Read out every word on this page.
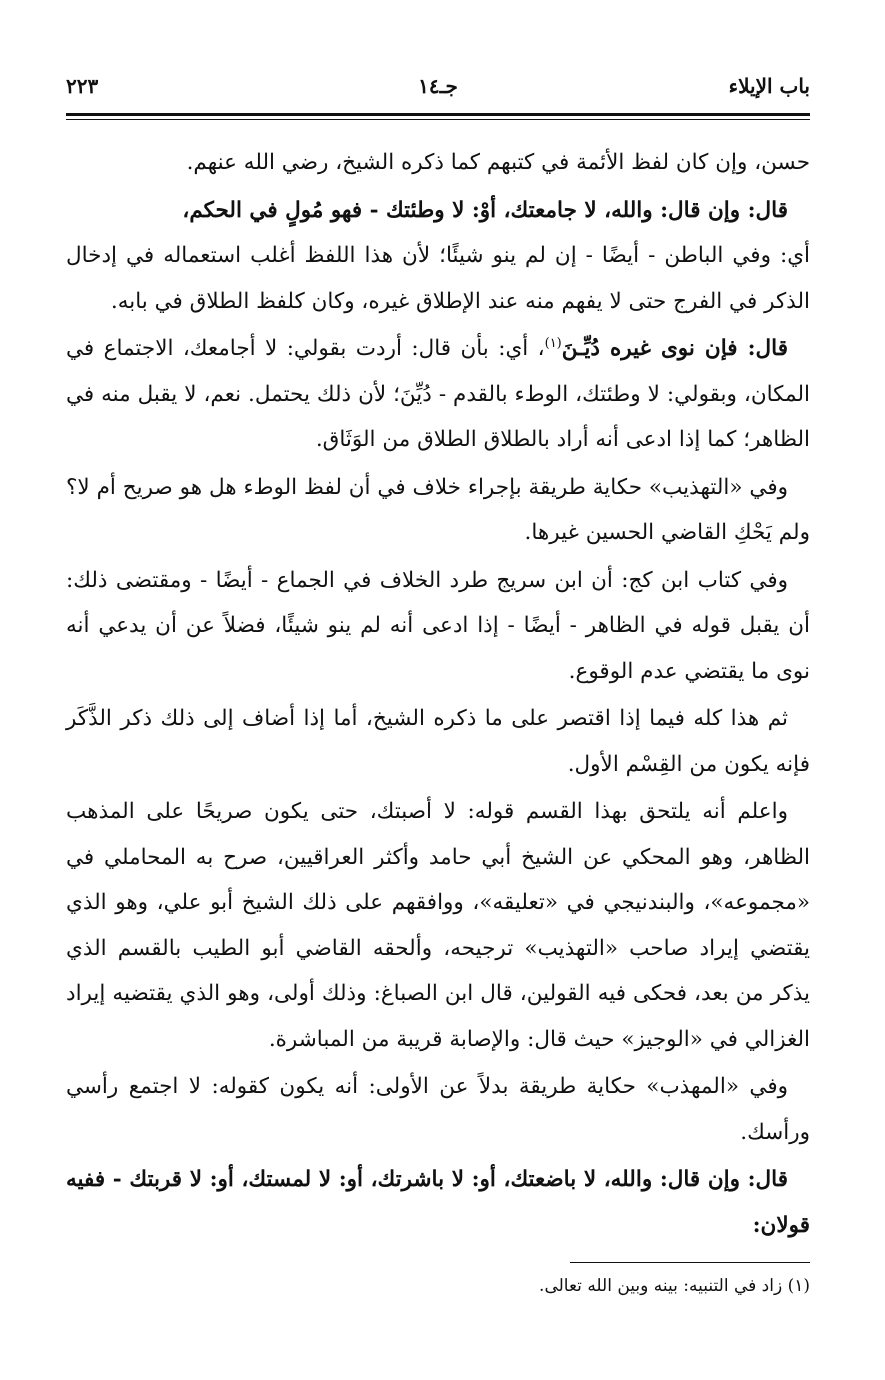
باب الإيلاء
جـ١٤
٢٢٣

حسن، وإن كان لفظ الأئمة في كتبهم كما ذكره الشيخ، رضي الله عنهم.

قال: وإن قال: والله، لا جامعتك، أوْ: لا وطئتك - فهو مُولٍ في الحكم،
أي: وفي الباطن - أيضًا - إن لم ينو شيئًا؛ لأن هذا اللفظ أغلب استعماله في إدخال الذكر في الفرج حتى لا يفهم منه عند الإطلاق غيره، وكان كلفظ الطلاق في بابه.

قال: فإن نوى غيره دُيِّـنَ$^{(١)}$، أي: بأن قال: أردت بقولي: لا أجامعك، الاجتماع في المكان، وبقولي: لا وطئتك، الوطء بالقدم - دُيِّنَ؛ لأن ذلك يحتمل. نعم، لا يقبل منه في الظاهر؛ كما إذا ادعى أنه أراد بالطلاق الطلاق من الوَثَاق.

وفي «التهذيب» حكاية طريقة بإجراء خلاف في أن لفظ الوطء هل هو صريح أم لا؟ ولم يَحْكِ القاضي الحسين غيرها.

وفي كتاب ابن كج: أن ابن سريج طرد الخلاف في الجماع - أيضًا - ومقتضى ذلك: أن يقبل قوله في الظاهر - أيضًا - إذا ادعى أنه لم ينو شيئًا، فضلاً عن أن يدعي أنه نوى ما يقتضي عدم الوقوع.

ثم هذا كله فيما إذا اقتصر على ما ذكره الشيخ، أما إذا أضاف إلى ذلك ذكر الذَّكَر فإنه يكون من القِسْم الأول.

واعلم أنه يلتحق بهذا القسم قوله: لا أصبتك، حتى يكون صريحًا على المذهب الظاهر، وهو المحكي عن الشيخ أبي حامد وأكثر العراقيين، صرح به المحاملي في «مجموعه»، والبندنيجي في «تعليقه»، ووافقهم على ذلك الشيخ أبو علي، وهو الذي يقتضي إيراد صاحب «التهذيب» ترجيحه، وألحقه القاضي أبو الطيب بالقسم الذي يذكر من بعد، فحكى فيه القولين، قال ابن الصباغ: وذلك أولى، وهو الذي يقتضيه إيراد الغزالي في «الوجيز» حيث قال: والإصابة قريبة من المباشرة.

وفي «المهذب» حكاية طريقة بدلاً عن الأولى: أنه يكون كقوله: لا اجتمع رأسي ورأسك.

قال: وإن قال: والله، لا باضعتك، أو: لا باشرتك، أو: لا لمستك، أو: لا قربتك - ففيه قولان:

(١) زاد في التنبيه: بينه وبين الله تعالى.
